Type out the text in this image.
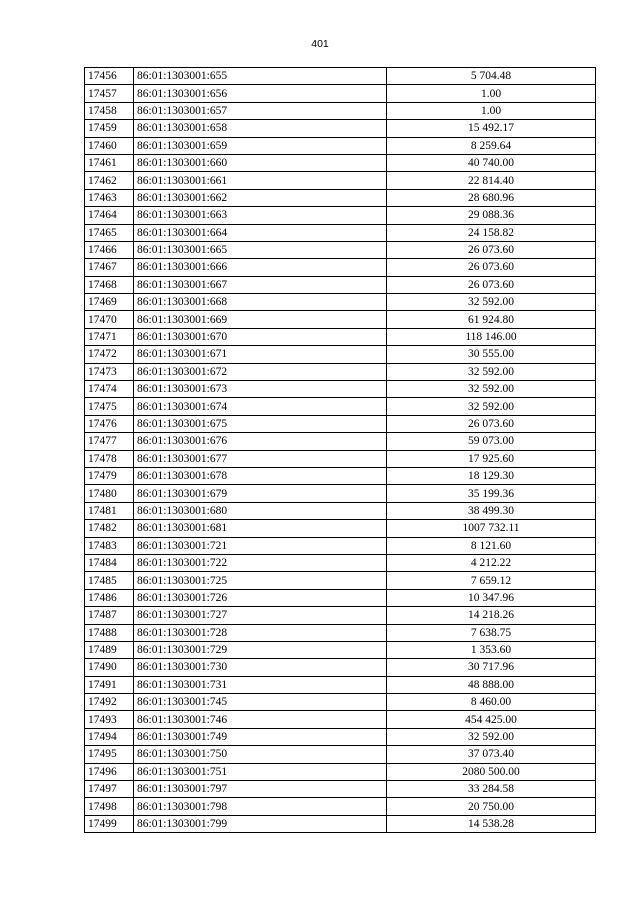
401
17456	86:01:1303001:655	5 704.48
17457	86:01:1303001:656	1.00
17458	86:01:1303001:657	1.00
17459	86:01:1303001:658	15 492.17
17460	86:01:1303001:659	8 259.64
17461	86:01:1303001:660	40 740.00
17462	86:01:1303001:661	22 814.40
17463	86:01:1303001:662	28 680.96
17464	86:01:1303001:663	29 088.36
17465	86:01:1303001:664	24 158.82
17466	86:01:1303001:665	26 073.60
17467	86:01:1303001:666	26 073.60
17468	86:01:1303001:667	26 073.60
17469	86:01:1303001:668	32 592.00
17470	86:01:1303001:669	61 924.80
17471	86:01:1303001:670	118 146.00
17472	86:01:1303001:671	30 555.00
17473	86:01:1303001:672	32 592.00
17474	86:01:1303001:673	32 592.00
17475	86:01:1303001:674	32 592.00
17476	86:01:1303001:675	26 073.60
17477	86:01:1303001:676	59 073.00
17478	86:01:1303001:677	17 925.60
17479	86:01:1303001:678	18 129.30
17480	86:01:1303001:679	35 199.36
17481	86:01:1303001:680	38 499.30
17482	86:01:1303001:681	1007 732.11
17483	86:01:1303001:721	8 121.60
17484	86:01:1303001:722	4 212.22
17485	86:01:1303001:725	7 659.12
17486	86:01:1303001:726	10 347.96
17487	86:01:1303001:727	14 218.26
17488	86:01:1303001:728	7 638.75
17489	86:01:1303001:729	1 353.60
17490	86:01:1303001:730	30 717.96
17491	86:01:1303001:731	48 888.00
17492	86:01:1303001:745	8 460.00
17493	86:01:1303001:746	454 425.00
17494	86:01:1303001:749	32 592.00
17495	86:01:1303001:750	37 073.40
17496	86:01:1303001:751	2080 500.00
17497	86:01:1303001:797	33 284.58
17498	86:01:1303001:798	20 750.00
17499	86:01:1303001:799	14 538.28
